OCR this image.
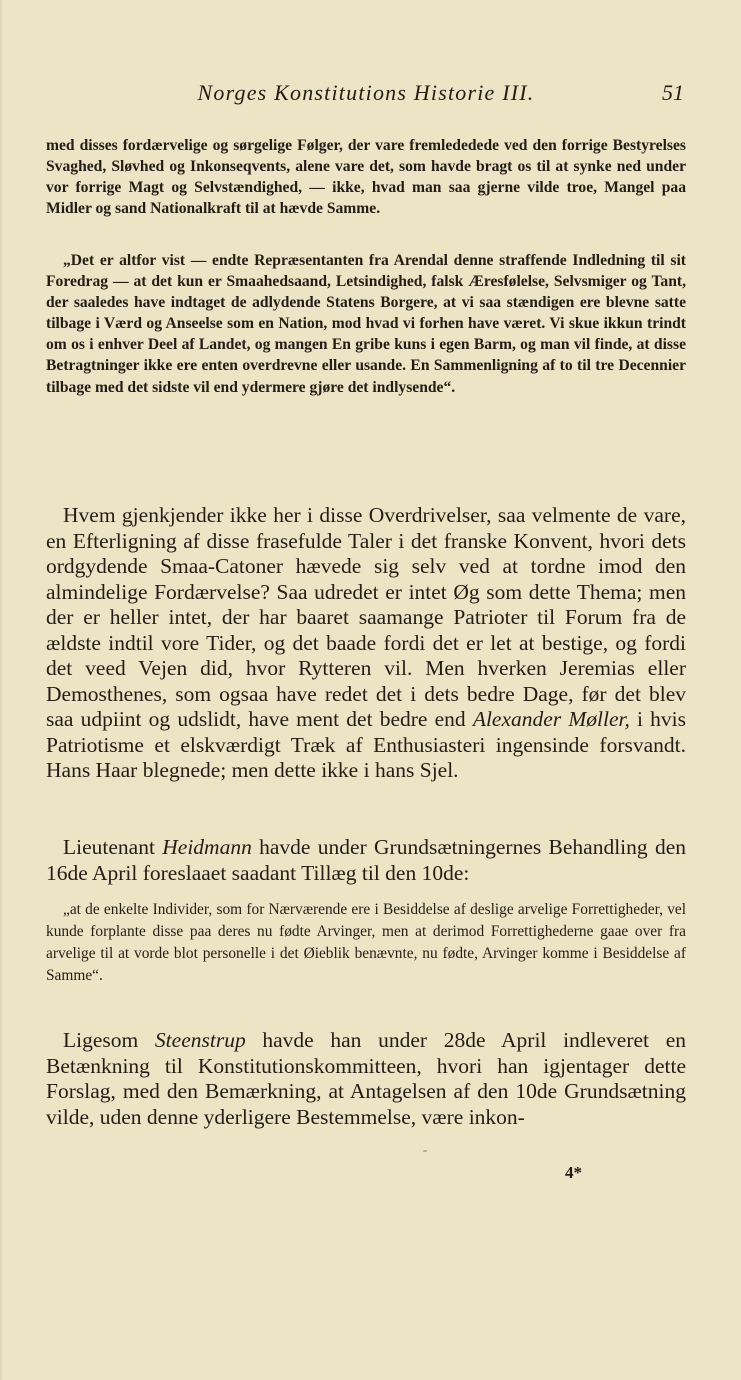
Norges Konstitutions Historie III.	51

med disses fordærvelige og sørgelige Følger, der vare fremlededede ved den forrige Bestyrelses Svaghed, Sløvhed og Inkonseqvents, alene vare det, som havde bragt os til at synke ned under vor forrige Magt og Selvstændighed, — ikke, hvad man saa gjerne vilde troe, Mangel paa Midler og sand Nationalkraft til at hævde Samme.

„Det er altfor vist — endte Repræsentanten fra Arendal denne straffende Indledning til sit Foredrag — at det kun er Smaahedsaand, Letsindighed, falsk Æresfølelse, Selvsmiger og Tant, der saaledes have indtaget de adlydende Statens Borgere, at vi saa stændigen ere blevne satte tilbage i Værd og Anseelse som en Nation, mod hvad vi forhen have været. Vi skue ikkun trindt om os i enhver Deel af Landet, og mangen En gribe kuns i egen Barm, og man vil finde, at disse Betragtninger ikke ere enten overdrevne eller usande. En Sammenligning af to til tre Decennier tilbage med det sidste vil end ydermere gjøre det indlysende“.

Hvem gjenkjender ikke her i disse Overdrivelser, saa velmente de vare, en Efterligning af disse frasefulde Taler i det franske Konvent, hvori dets ordgydende Smaa-Catoner hævede sig selv ved at tordne imod den almindelige Fordærvelse? Saa udredet er intet Øg som dette Thema; men der er heller intet, der har baaret saamange Patrioter til Forum fra de ældste indtil vore Tider, og det baade fordi det er let at bestige, og fordi det veed Vejen did, hvor Rytteren vil. Men hverken Jeremias eller Demosthenes, som ogsaa have redet det i dets bedre Dage, før det blev saa udpiint og udslidt, have ment det bedre end Alexander Møller, i hvis Patriotisme et elskværdigt Træk af Enthusiasteri ingensinde forsvandt. Hans Haar blegnede; men dette ikke i hans Sjel.

Lieutenant Heidmann havde under Grundsætningernes Behandling den 16de April foreslaaet saadant Tillæg til den 10de:

„at de enkelte Individer, som for Nærværende ere i Besiddelse af deslige arvelige Forrettigheder, vel kunde forplante disse paa deres nu fødte Arvinger, men at derimod Forrettighederne gaae over fra arvelige til at vorde blot personelle i det Øieblik benævnte, nu fødte, Arvinger komme i Besiddelse af Samme“.

Ligesom Steenstrup havde han under 28de April indleveret en Betænkning til Konstitutionskommitteen, hvori han igjentager dette Forslag, med den Bemærkning, at Antagelsen af den 10de Grundsætning vilde, uden denne yderligere Bestemmelse, være inkon-

4*
